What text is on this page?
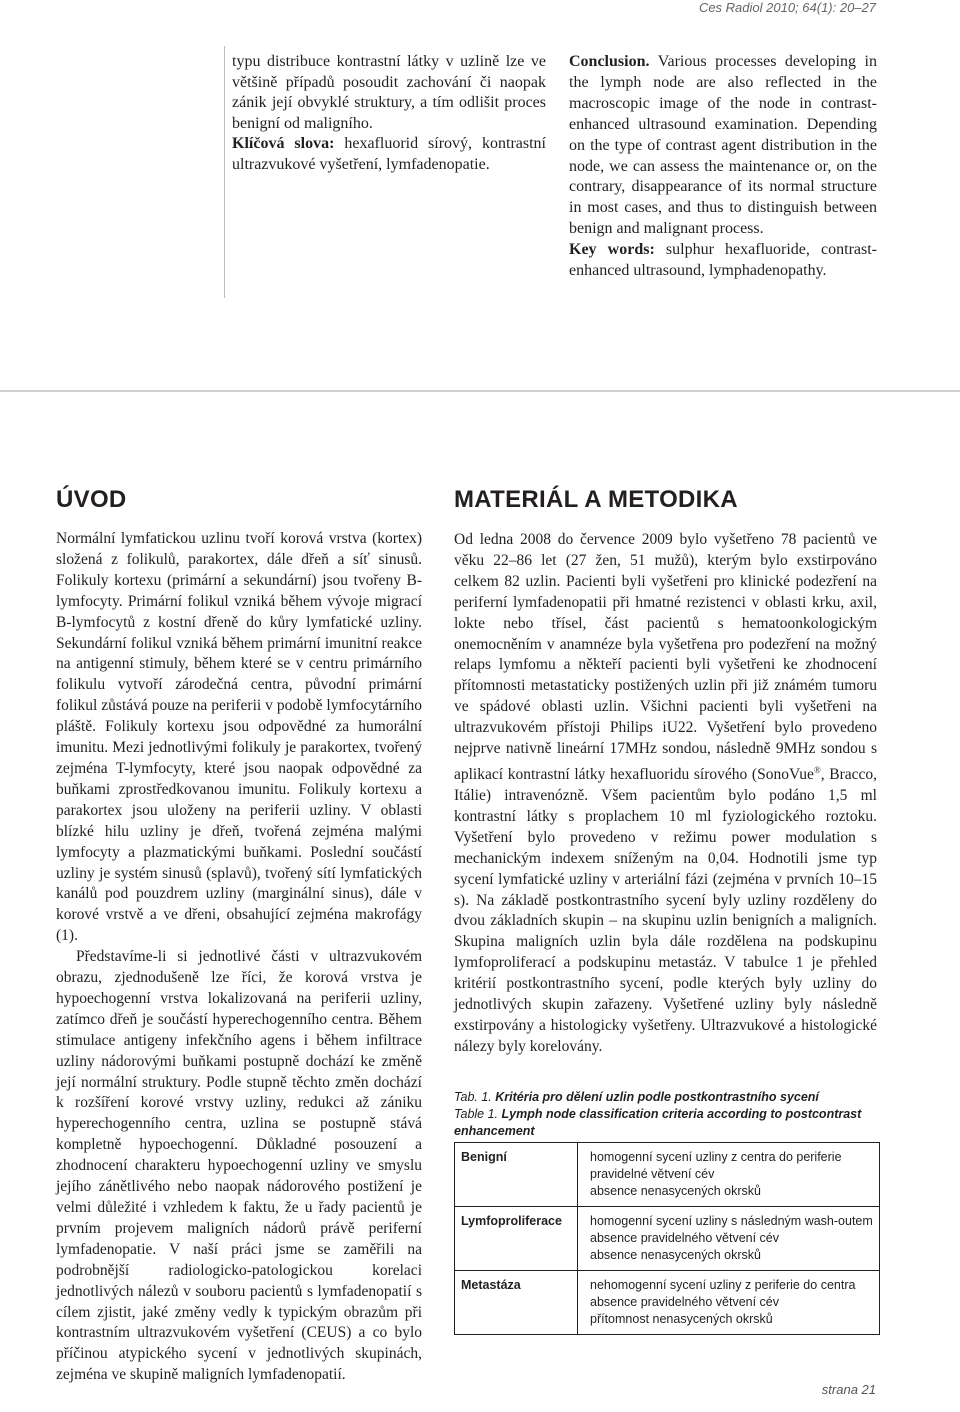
Ces Radiol 2010; 64(1): 20–27

typu distribuce kontrastní látky v uzlině lze ve většině případů posoudit zachování či naopak zánik její obvyklé struktury, a tím odlišit proces benigní od maligního.
Klíčová slova: hexafluorid sírový, kontrastní ultrazvukové vyšetření, lymfadenopatie.

Conclusion. Various processes developing in the lymph node are also reflected in the macroscopic image of the node in contrast-enhanced ultrasound examination. Depending on the type of contrast agent distribution in the node, we can assess the maintenance or, on the contrary, disappearance of its normal structure in most cases, and thus to distinguish between benign and malignant process.

Key words: sulphur hexafluoride, contrast-enhanced ultrasound, lymphadenopathy.

ÚVOD	MATERIÁL A METODIKA

Normální lymfatickou uzlinu tvoří korová vrstva (kortex) složená z folikulů, parakortex, dále dřeň a síť sinusů. Folikuly kortexu (primární a sekundární) jsou tvořeny B-lymfocyty. Primární folikul vzniká během vývoje migrací B-lymfocytů z kostní dřeně do kůry lymfatické uzliny. Sekundární folikul vzniká během primární imunitní reakce na antigenní stimuly, během které se v centru primárního folikulu vytvoří zárodečná centra, původní primární folikul zůstává pouze na periferii v podobě lymfocytárního pláště. Folikuly kortexu jsou odpovědné za humorální imunitu. Mezi jednotlivými folikuly je parakortex, tvořený zejména T-lymfocyty, které jsou naopak odpovědné za buňkami zprostředkovanou imunitu. Folikuly kortexu a parakortex jsou uloženy na periferii uzliny. V oblasti blízké hilu uzliny je dřeň, tvořená zejména malými lymfocyty a plazmatickými buňkami. Poslední součástí uzliny je systém sinusů (splavů), tvořený sítí lymfatických kanálů pod pouzdrem uzliny (marginální sinus), dále v korové vrstvě a ve dřeni, obsahující zejména makrofágy (1).

Představíme-li si jednotlivé části v ultrazvukovém obrazu, zjednodušeně lze říci, že korová vrstva je hypoechogenní vrstva lokalizovaná na periferii uzliny, zatímco dřeň je součástí hyperechogenního centra. Během stimulace antigeny infekčního agens i během infiltrace uzliny nádorovými buňkami postupně dochází ke změně její normální struktury. Podle stupně těchto změn dochází k rozšíření korové vrstvy uzliny, redukci až zániku hyperechogenního centra, uzlina se postupně stává kompletně hypoechogenní. Důkladné posouzení a zhodnocení charakteru hypoechogenní uzliny ve smyslu jejího zánětlivého nebo naopak nádorového postižení je velmi důležité i vzhledem k faktu, že u řady pacientů je prvním projevem maligních nádorů právě periferní lymfadenopatie. V naší práci jsme se zaměřili na podrobnější radiologicko-patologickou korelaci jednotlivých nálezů v souboru pacientů s lymfadenopatií s cílem zjistit, jaké změny vedly k typickým obrazům při kontrastním ultrazvukovém vyšetření (CEUS) a co bylo příčinou atypického sycení v jednotlivých skupinách, zejména ve skupině maligních lymfadenopatií.

Od ledna 2008 do července 2009 bylo vyšetřeno 78 pacientů ve věku 22–86 let (27 žen, 51 mužů), kterým bylo exstirpováno celkem 82 uzlin. Pacienti byli vyšetřeni pro klinické podezření na periferní lymfadenopatii při hmatné rezistenci v oblasti krku, axil, lokte nebo třísel, část pacientů s hematoonkologickým onemocněním v anamnéze byla vyšetřena pro podezření na možný relaps lymfomu a někteří pacienti byli vyšetřeni ke zhodnocení přítomnosti metastaticky postižených uzlin při již známém tumoru ve spádové oblasti uzlin. Všichni pacienti byli vyšetřeni na ultrazvukovém přístoji Philips iU22. Vyšetření bylo provedeno nejprve nativně lineární 17MHz sondou, následně 9MHz sondou s aplikací kontrastní látky hexafluoridu sírového (SonoVue®, Bracco, Itálie) intravenózně. Všem pacientům bylo podáno 1,5 ml kontrastní látky s proplachem 10 ml fyziologického roztoku. Vyšetření bylo provedeno v režimu power modulation s mechanickým indexem sníženým na 0,04. Hodnotili jsme typ sycení lymfatické uzliny v arteriální fázi (zejména v prvních 10–15 s). Na základě postkontrastního sycení byly uzliny rozděleny do dvou základních skupin – na skupinu uzlin benigních a maligních. Skupina maligních uzlin byla dále rozdělena na podskupinu lymfoproliferací a podskupinu metastáz. V tabulce 1 je přehled kritérií postkontrastního sycení, podle kterých byly uzliny do jednotlivých skupin zařazeny. Vyšetřené uzliny byly následně exstirpovány a histologicky vyšetřeny. Ultrazvukové a histologické nálezy byly korelovány.

Tab. 1. Kritéria pro dělení uzlin podle postkontrastního sycení
Table 1. Lymph node classification criteria according to postcontrast enhancement
Benigní	homogenní sycení uzliny z centra do periferie
pravidelné větvení cév
absence nenasycených okrsků

Lymfoproliferace	homogenní sycení uzliny s následným wash-outem
absence pravidelného větvení cév
absence nenasycených okrsků

Metastáza	nehomogenní sycení uzliny z periferie do centra
absence pravidelného větvení cév
přítomnost nenasycených okrsků
strana 21
